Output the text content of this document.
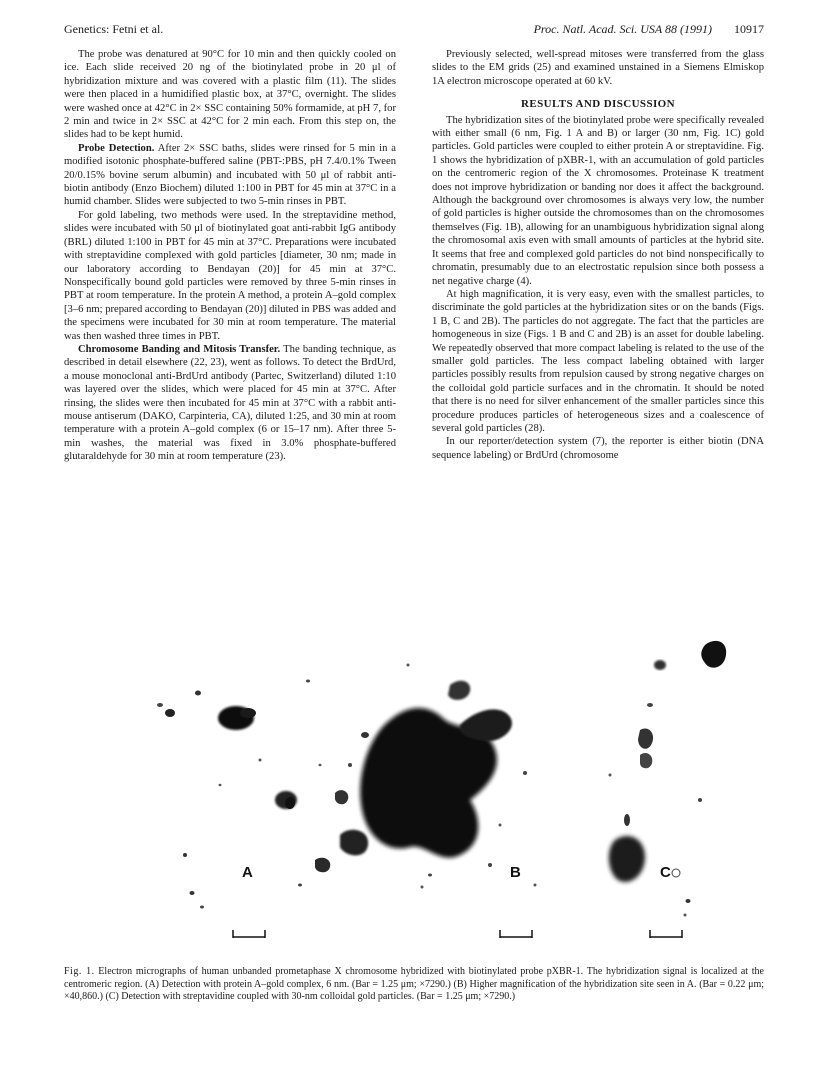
Genetics: Fetni et al.	Proc. Natl. Acad. Sci. USA 88 (1991) 10917

The probe was denatured at 90°C for 10 min and then quickly cooled on ice. Each slide received 20 ng of the biotinylated probe in 20 μl of hybridization mixture and was covered with a plastic film (11). The slides were then placed in a humidified plastic box, at 37°C, overnight. The slides were washed once at 42°C in 2× SSC containing 50% formamide, at pH 7, for 2 min and twice in 2× SSC at 42°C for 2 min each. From this step on, the slides had to be kept humid.

Probe Detection. After 2× SSC baths, slides were rinsed for 5 min in a modified isotonic phosphate-buffered saline (PBT-:PBS, pH 7.4/0.1% Tween 20/0.15% bovine serum albumin) and incubated with 50 μl of rabbit anti-biotin antibody (Enzo Biochem) diluted 1:100 in PBT for 45 min at 37°C in a humid chamber. Slides were subjected to two 5-min rinses in PBT.

For gold labeling, two methods were used. In the streptavidine method, slides were incubated with 50 μl of biotinylated goat anti-rabbit IgG antibody (BRL) diluted 1:100 in PBT for 45 min at 37°C. Preparations were incubated with streptavidine complexed with gold particles [diameter, 30 nm; made in our laboratory according to Bendayan (20)] for 45 min at 37°C. Nonspecifically bound gold particles were removed by three 5-min rinses in PBT at room temperature. In the protein A method, a protein A–gold complex [3–6 nm; prepared according to Bendayan (20)] diluted in PBS was added and the specimens were incubated for 30 min at room temperature. The material was then washed three times in PBT.

Chromosome Banding and Mitosis Transfer. The banding technique, as described in detail elsewhere (22, 23), went as follows. To detect the BrdUrd, a mouse monoclonal anti-BrdUrd antibody (Partec, Switzerland) diluted 1:10 was layered over the slides, which were placed for 45 min at 37°C. After rinsing, the slides were then incubated for 45 min at 37°C with a rabbit anti-mouse antiserum (DAKO, Carpinteria, CA), diluted 1:25, and 30 min at room temperature with a protein A–gold complex (6 or 15–17 nm). After three 5-min washes, the material was fixed in 3.0% phosphate-buffered glutaraldehyde for 30 min at room temperature (23).

Previously selected, well-spread mitoses were transferred from the glass slides to the EM grids (25) and examined unstained in a Siemens Elmiskop 1A electron microscope operated at 60 kV.

RESULTS AND DISCUSSION

The hybridization sites of the biotinylated probe were specifically revealed with either small (6 nm, Fig. 1 A and B) or larger (30 nm, Fig. 1C) gold particles. Gold particles were coupled to either protein A or streptavidine. Fig. 1 shows the hybridization of pXBR-1, with an accumulation of gold particles on the centromeric region of the X chromosomes. Proteinase K treatment does not improve hybridization or banding nor does it affect the background. Although the background over chromosomes is always very low, the number of gold particles is higher outside the chromosomes than on the chromosomes themselves (Fig. 1B), allowing for an unambiguous hybridization signal along the chromosomal axis even with small amounts of particles at the hybrid site. It seems that free and complexed gold particles do not bind nonspecifically to chromatin, presumably due to an electrostatic repulsion since both possess a net negative charge (4).

At high magnification, it is very easy, even with the smallest particles, to discriminate the gold particles at the hybridization sites or on the bands (Figs. 1 B, C and 2B). The particles do not aggregate. The fact that the particles are homogeneous in size (Figs. 1 B and C and 2B) is an asset for double labeling. We repeatedly observed that more compact labeling is related to the use of the smaller gold particles. The less compact labeling obtained with larger particles possibly results from repulsion caused by strong negative charges on the colloidal gold particle surfaces and in the chromatin. It should be noted that there is no need for silver enhancement of the smaller particles since this procedure produces particles of heterogeneous sizes and a coalescence of several gold particles (28).

In our reporter/detection system (7), the reporter is either biotin (DNA sequence labeling) or BrdUrd (chromosome

A	B	C
Fig. 1. Electron micrographs of human unbanded prometaphase X chromosome hybridized with biotinylated probe pXBR-1. The hybridization signal is localized at the centromeric region. (A) Detection with protein A–gold complex, 6 nm. (Bar = 1.25 μm; ×7290.) (B) Higher magnification of the hybridization site seen in A. (Bar = 0.22 μm; ×40,860.) (C) Detection with streptavidine coupled with 30-nm colloidal gold particles. (Bar = 1.25 μm; ×7290.)
